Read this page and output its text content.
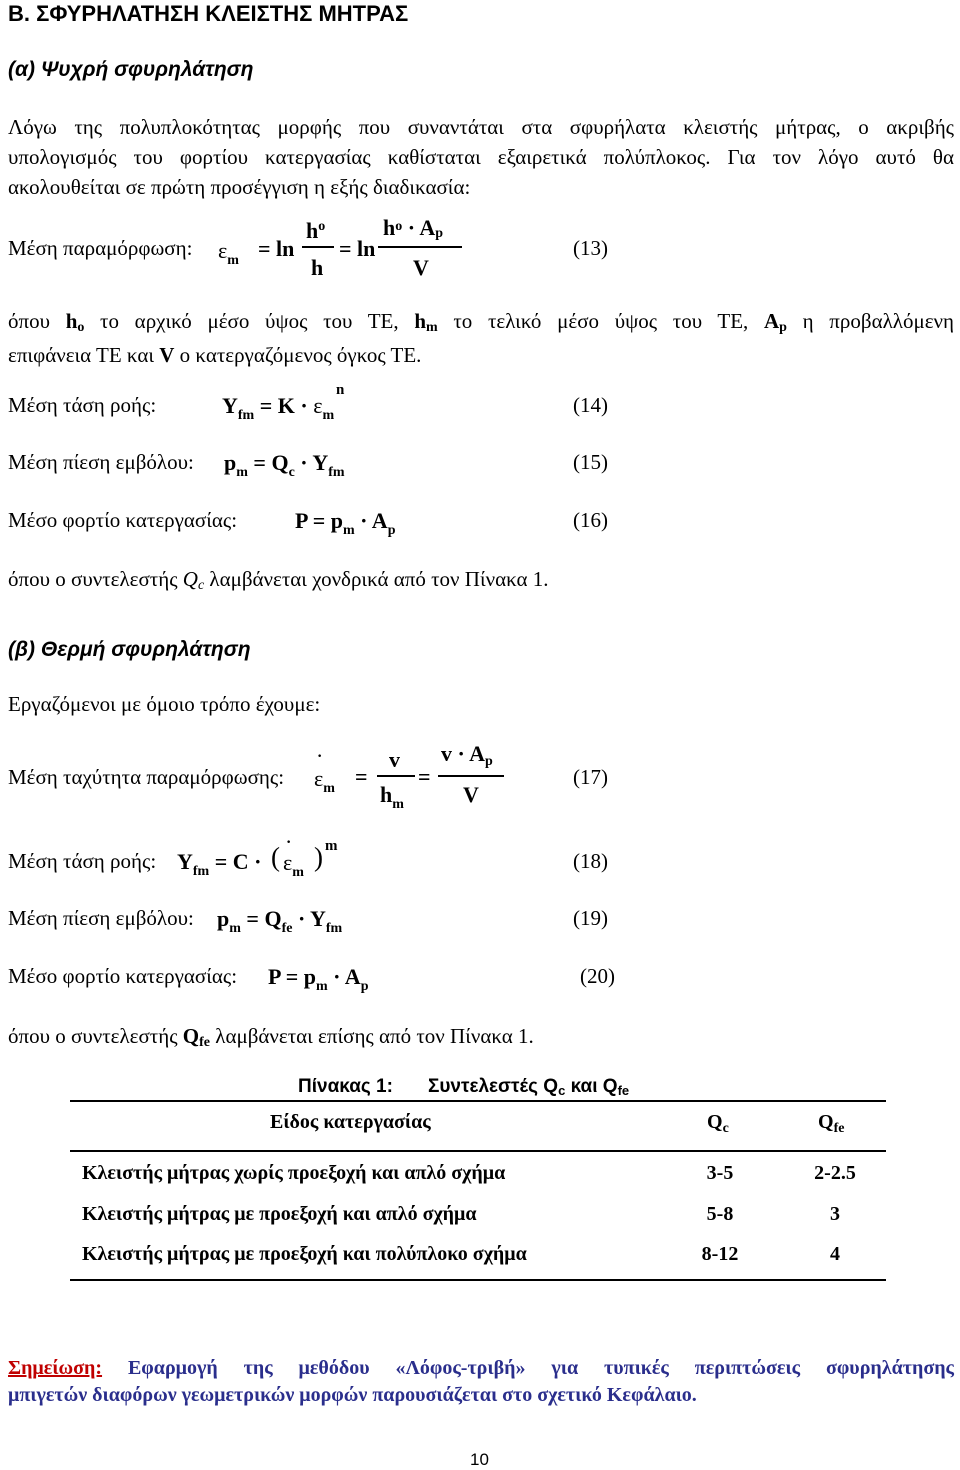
Β. ΣΦΥΡΗΛΑΤΗΣΗ ΚΛΕΙΣΤΗΣ ΜΗΤΡΑΣ
(α) Ψυχρή σφυρηλάτηση
Λόγω της πολυπλοκότητας μορφής που συναντάται στα σφυρήλατα κλειστής μήτρας, ο ακριβής
υπολογισμός του φορτίου κατεργασίας καθίσταται εξαιρετικά πολύπλοκος. Για τον λόγο αυτό θα
ακολουθείται σε πρώτη προσέγγιση η εξής διαδικασία:
Μέση παραμόρφωση: $\varepsilon_m = \ln$
$h^o$
h
= ln
$h^o \cdot Ap$
V
(13)
όπου ho το αρχικό μέσο ύψος του ΤΕ, hm το τελικό μέσο ύψος του ΤΕ, Ap η προβαλλόμενη
επιφάνεια ΤΕ και V ο κατεργαζόμενος όγκος ΤΕ.
Μέση τάση ροής:	$Y_{fm} = K \cdot \varepsilon_m$
n
(14)
Μέση πίεση εμβόλου: $p_m = Q_c \cdot Y_{fm}$	(15)
Μέσο φορτίο κατεργασίας:	$P = p_m \cdot A_p$	(16)
όπου ο συντελεστής Qc λαμβάνεται χονδρικά από τον Πίνακα 1.
(β) Θερμή σφυρηλάτηση
Εργαζόμενοι με όμοιο τρόπο έχουμε:
Μέση ταχύτητα παραμόρφωσης: $\varepsilon_m$
·
=
v
$h_m$
=
v · Ap
V
(17)
Μέση τάση ροής: $Y_{fm} = C$ · ( $\varepsilon_m$
· ) m
(18)
Μέση πίεση εμβόλου: $p_m = Q_{fe} \cdot Y_{fm}$	(19)
Μέσο φορτίο κατεργασίας: $P = p_m \cdot A_p$	(20)
όπου ο συντελεστής Qfe λαμβάνεται επίσης από τον Πίνακα 1.
Πίνακας 1: Συντελεστές Qc και Qfe
Είδος κατεργασίας	$Q_c$	$Q_{fe}$
Κλειστής μήτρας χωρίς προεξοχή και απλό σχήμα	3-5	2-2.5
Κλειστής μήτρας με προεξοχή και απλό σχήμα	5-8	3
Κλειστής μήτρας με προεξοχή και πολύπλοκο σχήμα	8-12	4
Σημείωση: Εφαρμογή της μεθόδου «Λόφος-τριβή» για τυπικές περιπτώσεις σφυρηλάτησης
μπιγετών διαφόρων γεωμετρικών μορφών παρουσιάζεται στο σχετικό Κεφάλαιο.
10
